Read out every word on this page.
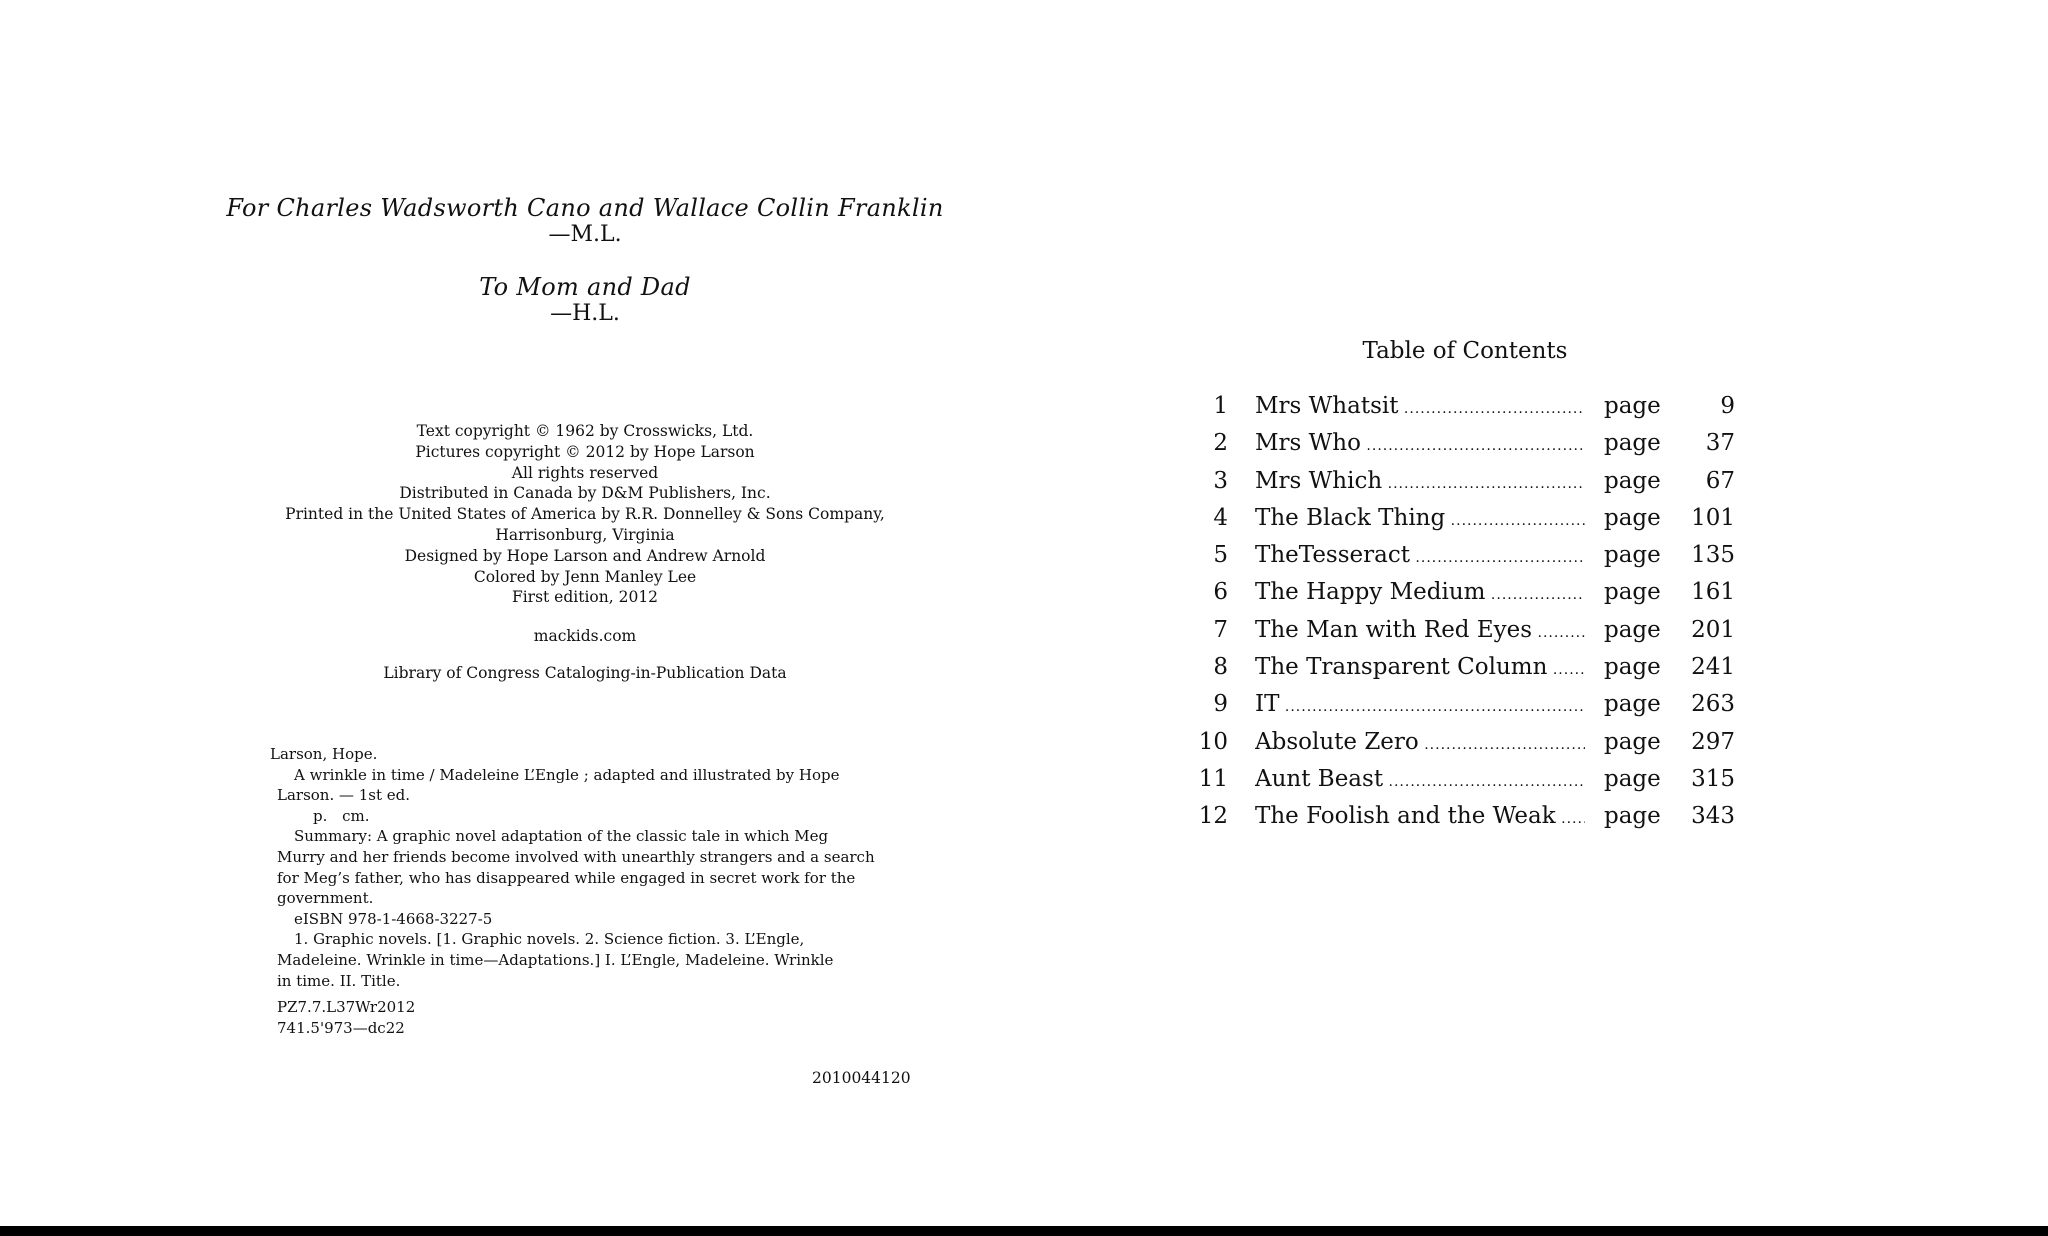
For Charles Wadsworth Cano and Wallace Collin Franklin
—M.L.
To Mom and Dad
—H.L.
Text copyright © 1962 by Crosswicks, Ltd.
Pictures copyright © 2012 by Hope Larson
All rights reserved
Distributed in Canada by D&M Publishers, Inc.
Printed in the United States of America by R.R. Donnelley & Sons Company,
Harrisonburg, Virginia
Designed by Hope Larson and Andrew Arnold
Colored by Jenn Manley Lee
First edition, 2012
mackids.com
Library of Congress Cataloging-in-Publication Data
Larson, Hope.
A wrinkle in time / Madeleine L’Engle ; adapted and illustrated by Hope
Larson. — 1st ed.
p. cm.
Summary: A graphic novel adaptation of the classic tale in which Meg
Murry and her friends become involved with unearthly strangers and a search
for Meg’s father, who has disappeared while engaged in secret work for the
government.
eISBN 978-1-4668-3227-5
1. Graphic novels. [1. Graphic novels. 2. Science fiction. 3. L’Engle,
Madeleine. Wrinkle in time—Adaptations.] I. L’Engle, Madeleine. Wrinkle
in time. II. Title.
PZ7.7.L37Wr2012
741.5'973—dc22
2010044120
Table of Contents
1 Mrs Whatsit .....	page	9
2 Mrs Who .....	page	37
3 Mrs Which .....	page	67
4 The Black Thing .....	page	101
5 TheTesseract .....	page	135
6 The Happy Medium .....	page	161
7 The Man with Red Eyes .....	page	201
8 The Transparent Column .....	page	241
9 IT .....	page	263
10 Absolute Zero .....	page	297
11 Aunt Beast .....	page	315
12 The Foolish and the Weak .....	page	343
